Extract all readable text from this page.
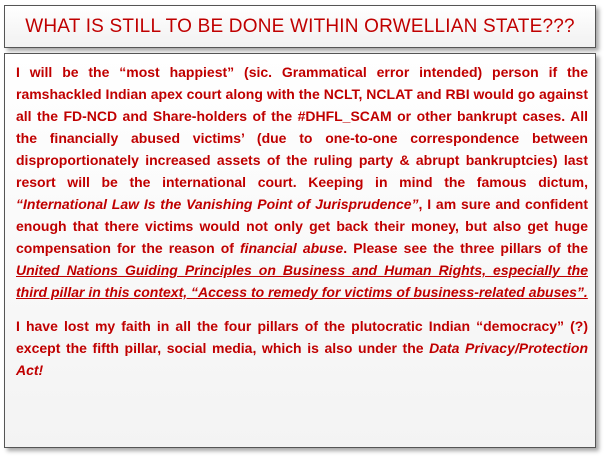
WHAT IS STILL TO BE DONE WITHIN ORWELLIAN STATE???

I will be the “most happiest” (sic. Grammatical error intended) person if the ramshackled Indian apex court along with the NCLT, NCLAT and RBI would go against all the FD-NCD and Share-holders of the #DHFL_SCAM or other bankrupt cases. All the financially abused victims’ (due to one-to-one correspondence between disproportionately increased assets of the ruling party & abrupt bankruptcies) last resort will be the international court. Keeping in mind the famous dictum, “International Law Is the Vanishing Point of Jurisprudence”, I am sure and confident enough that there victims would not only get back their money, but also get huge compensation for the reason of financial abuse. Please see the three pillars of the United Nations Guiding Principles on Business and Human Rights, especially the third pillar in this context, “Access to remedy for victims of business-related abuses”.

I have lost my faith in all the four pillars of the plutocratic Indian “democracy” (?) except the fifth pillar, social media, which is also under the Data Privacy/Protection Act!
